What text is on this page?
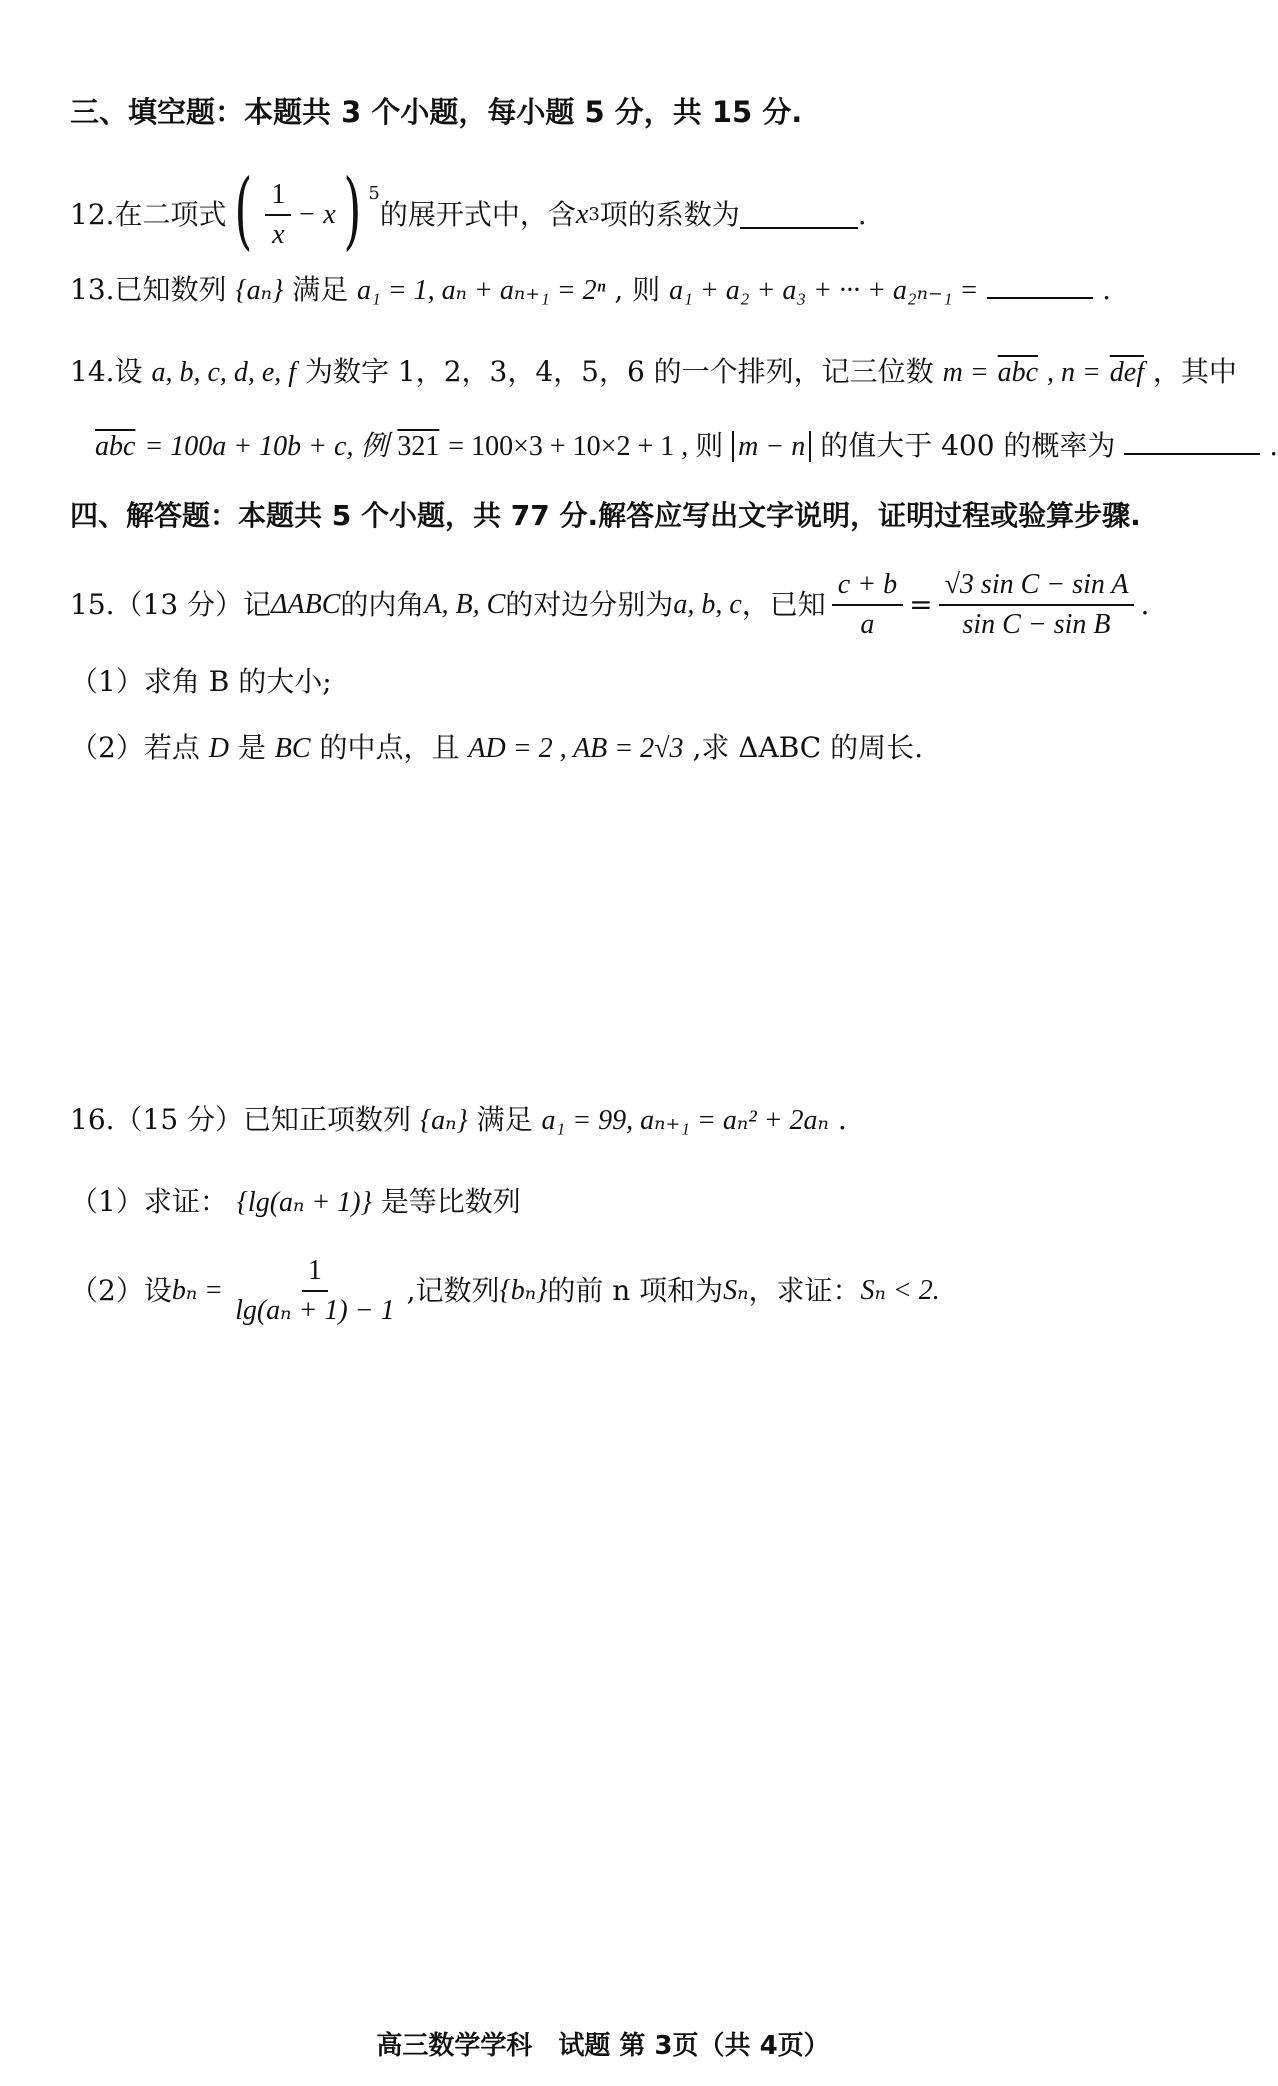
三、填空题：本题共 3 个小题，每小题 5 分，共 15 分.
12.在二项式 ( $\frac{1}{x} - x$ ) $^5$
的展开式中，含 x 3 项的系数为	.
13.已知数列 {aₙ} 满足 a₁ = 1, aₙ + aₙ₊₁ = 2ⁿ , 则 a₁ + a₂ + a₃ + ··· + a₂ₙ₋₁ =	.
14.设 a, b, c, d, e, f 为数字 1，2，3，4，5，6 的一个排列，记三位数 $m = \overline{abc}$ , $n = \overline{def}$ ，其中
$\overline{abc} = 100a + 10b + c$, 例 321 = 100×3 + 10×2 + 1 , 则 m − n 的值大于 400 的概率为	.
四、解答题：本题共 5 个小题，共 77 分.解答应写出文字说明，证明过程或验算步骤.
15.（13 分）记 ΔABC 的内角 A, B, C 的对边分别为 a, b, c ，已知 $\frac{c + b}{a} = \frac{\text{√3 sin C − sin A}}{\text{sin C − sin B}}$ .
（1）求角 B 的大小;
（2）若点 D 是 BC 的中点，且 AD = 2 , AB = 2√3 ,求 ΔABC 的周长.
16.（15 分）已知正项数列 {aₙ} 满足 a₁ = 99, aₙ₊₁ = aₙ² + 2aₙ .
（1）求证： {lg(aₙ + 1)} 是等比数列
（2）设 $b_n = \frac{1}{\text{lg(aₙ + 1) − 1}}$ ,记数列 {bₙ} 的前 n 项和为 Sₙ ，求证： Sₙ < 2.
高三数学学科　试题 第 3页（共 4页）
